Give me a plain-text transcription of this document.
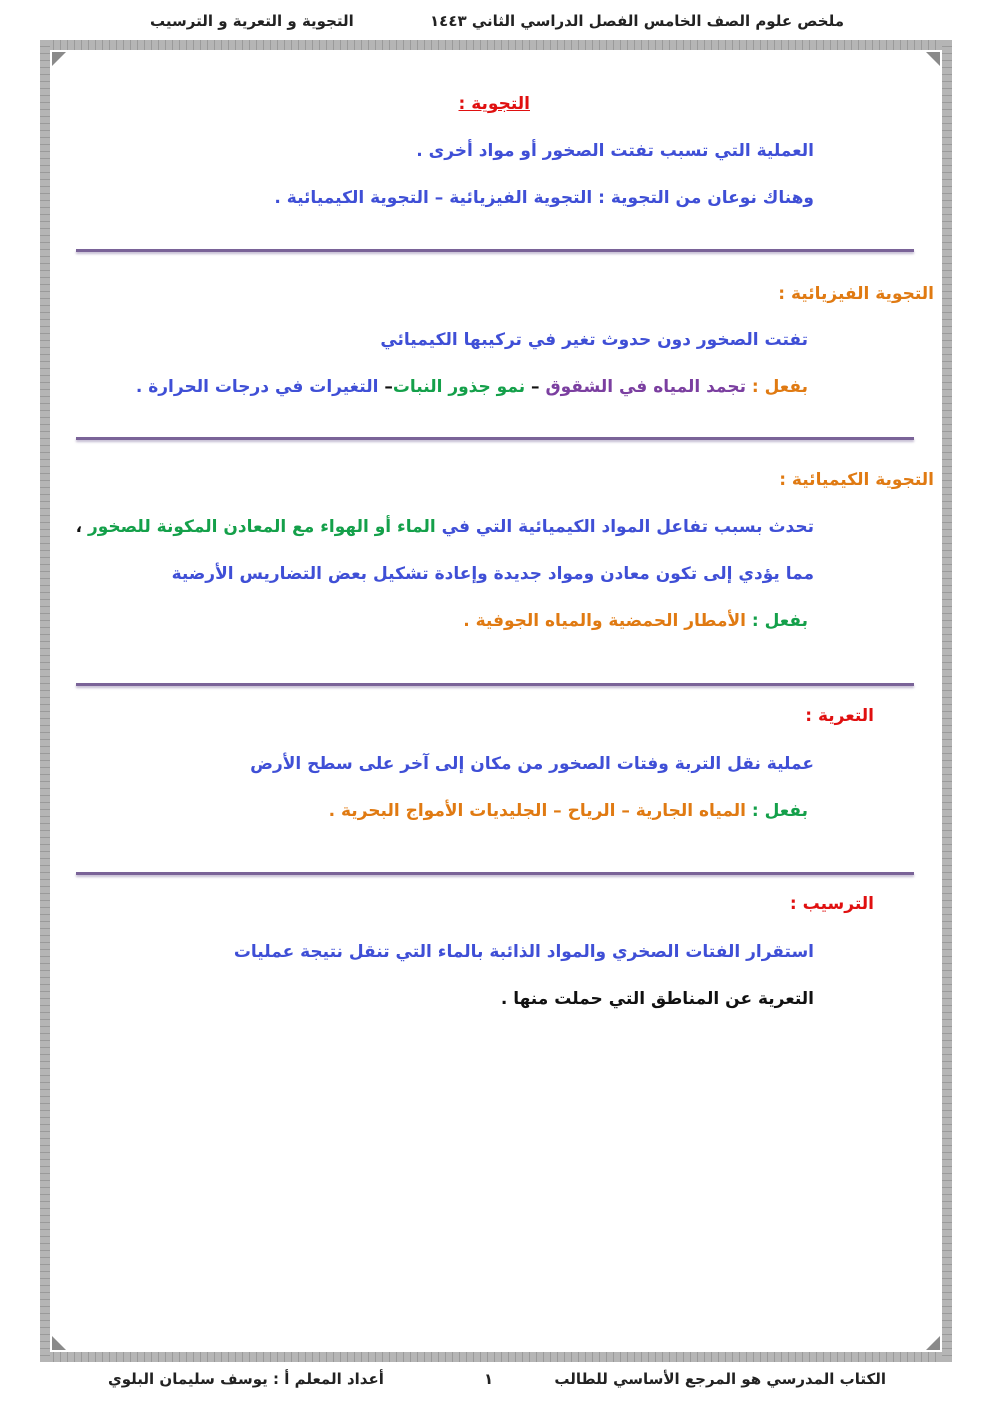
ملخص علوم الصف الخامس الفصل الدراسي الثاني ١٤٤٣
التجوية و التعرية و الترسيب
التجوية :
العملية التي تسبب تفتت الصخور أو مواد أخرى .
وهناك نوعان من التجوية : التجوية الفيزيائية – التجوية الكيميائية .
التجوية الفيزيائية :
تفتت الصخور دون حدوث تغير في تركيبها الكيميائي
بفعل : تجمد المياه في الشقوق – نمو جذور النبات– التغيرات في درجات الحرارة .
التجوية الكيميائية :
تحدث بسبب تفاعل المواد الكيميائية التي في الماء أو الهواء مع المعادن المكونة للصخور ،
مما يؤدي إلى تكون معادن ومواد جديدة وإعادة تشكيل بعض التضاريس الأرضية
بفعل : الأمطار الحمضية والمياه الجوفية .
التعرية :
عملية نقل التربة وفتات الصخور من مكان إلى آخر على سطح الأرض
بفعل : المياه الجارية – الرياح – الجليديات الأمواج البحرية .
الترسيب :
استقرار الفتات الصخري والمواد الذائبة بالماء التي تنقل نتيجة عمليات
التعرية عن المناطق التي حملت منها .
الكتاب المدرسي هو المرجع الأساسي للطالب
١
أعداد المعلم أ : يوسف سليمان البلوي
